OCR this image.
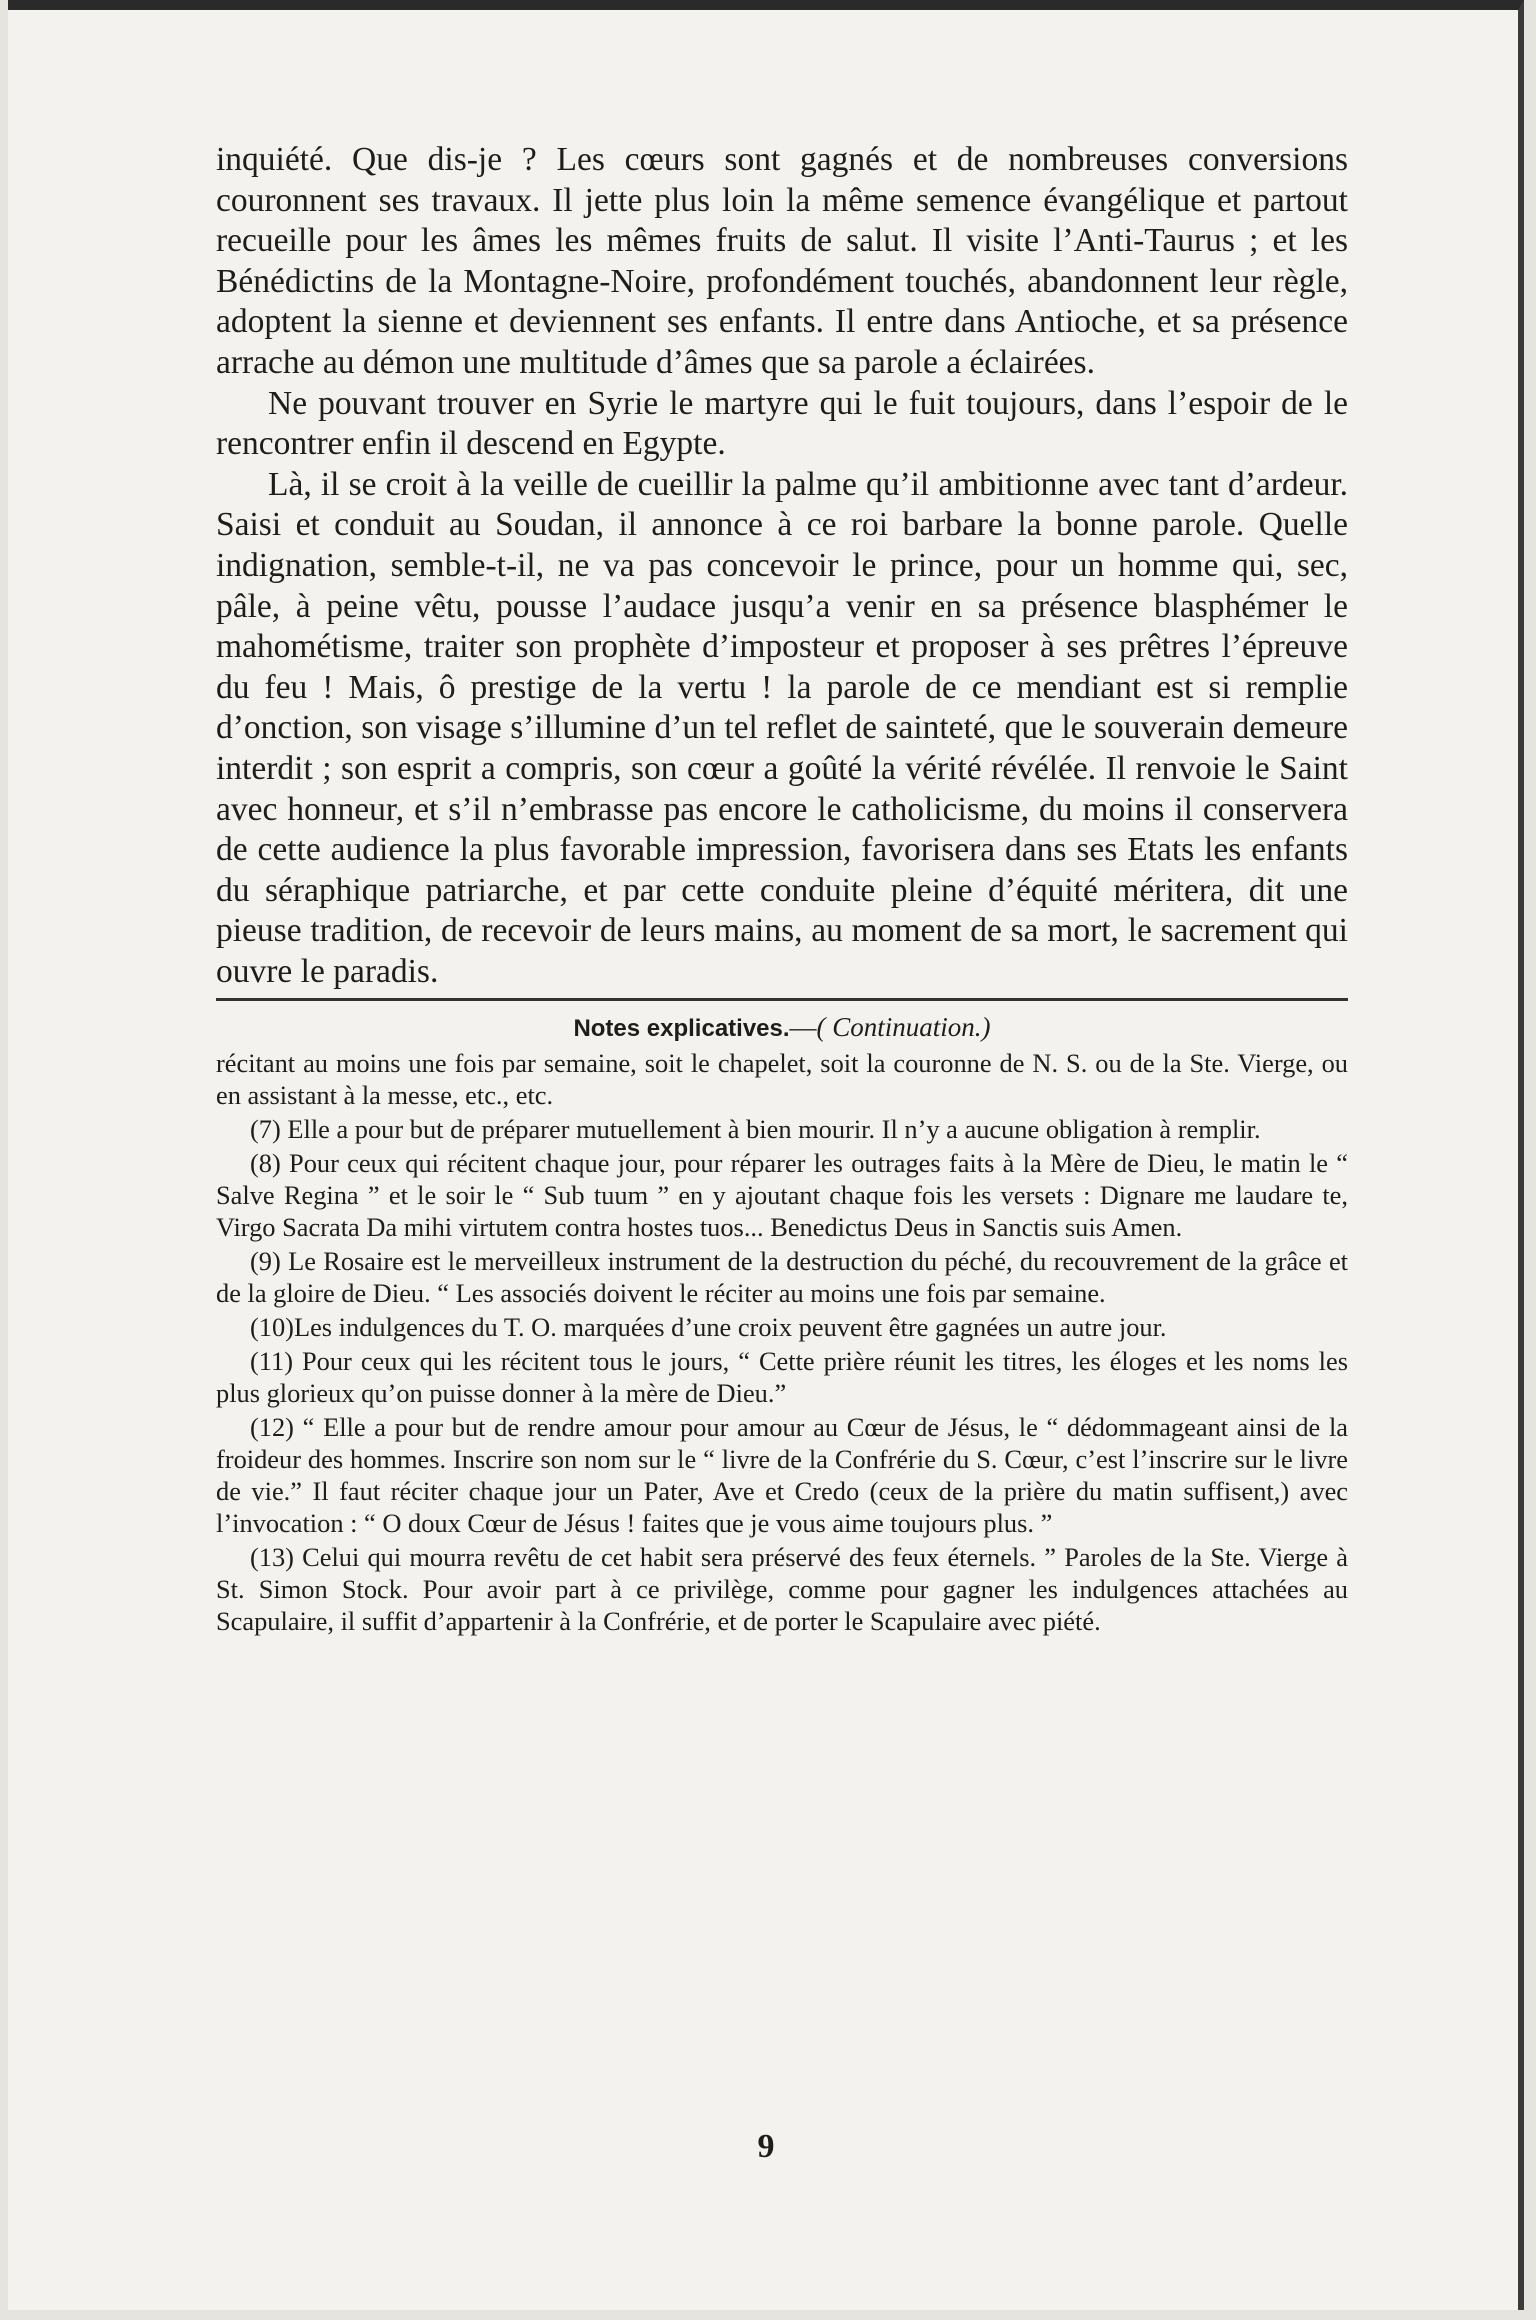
inquiété. Que dis-je ? Les cœurs sont gagnés et de nombreuses conversions couronnent ses travaux. Il jette plus loin la même semence évangélique et partout recueille pour les âmes les mêmes fruits de salut. Il visite l’Anti-Taurus ; et les Bénédictins de la Montagne-Noire, profondément touchés, abandonnent leur règle, adoptent la sienne et deviennent ses enfants. Il entre dans Antioche, et sa présence arrache au démon une multitude d’âmes que sa parole a éclairées.

Ne pouvant trouver en Syrie le martyre qui le fuit toujours, dans l’espoir de le rencontrer enfin il descend en Egypte.

Là, il se croit à la veille de cueillir la palme qu’il ambitionne avec tant d’ardeur. Saisi et conduit au Soudan, il annonce à ce roi barbare la bonne parole. Quelle indignation, semble-t-il, ne va pas concevoir le prince, pour un homme qui, sec, pâle, à peine vêtu, pousse l’audace jusqu’a venir en sa présence blasphémer le mahométisme, traiter son prophète d’imposteur et proposer à ses prêtres l’épreuve du feu ! Mais, ô prestige de la vertu ! la parole de ce mendiant est si remplie d’onction, son visage s’illumine d’un tel reflet de sainteté, que le souverain demeure interdit ; son esprit a compris, son cœur a goûté la vérité révélée. Il renvoie le Saint avec honneur, et s’il n’embrasse pas encore le catholicisme, du moins il conservera de cette audience la plus favorable impression, favorisera dans ses Etats les enfants du séraphique patriarche, et par cette conduite pleine d’équité méritera, dit une pieuse tradition, de recevoir de leurs mains, au moment de sa mort, le sacrement qui ouvre le paradis.

Notes explicatives.—( Continuation.)

récitant au moins une fois par semaine, soit le chapelet, soit la couronne de N. S. ou de la Ste. Vierge, ou en assistant à la messe, etc., etc.

(7) Elle a pour but de préparer mutuellement à bien mourir. Il n’y a aucune obligation à remplir.

(8) Pour ceux qui récitent chaque jour, pour réparer les outrages faits à la Mère de Dieu, le matin le “ Salve Regina ” et le soir le “ Sub tuum ” en y ajoutant chaque fois les versets : Dignare me laudare te, Virgo Sacrata Da mihi virtutem contra hostes tuos... Benedictus Deus in Sanctis suis Amen.

(9) Le Rosaire est le merveilleux instrument de la destruction du péché, du recouvrement de la grâce et de la gloire de Dieu. “ Les associés doivent le réciter au moins une fois par semaine.

(10)Les indulgences du T. O. marquées d’une croix peuvent être gagnées un autre jour.

(11) Pour ceux qui les récitent tous le jours, “ Cette prière réunit les titres, les éloges et les noms les plus glorieux qu’on puisse donner à la mère de Dieu.”

(12) “ Elle a pour but de rendre amour pour amour au Cœur de Jésus, le “ dédommageant ainsi de la froideur des hommes. Inscrire son nom sur le “ livre de la Confrérie du S. Cœur, c’est l’inscrire sur le livre de vie.” Il faut réciter chaque jour un Pater, Ave et Credo (ceux de la prière du matin suffisent,) avec l’invocation : “ O doux Cœur de Jésus ! faites que je vous aime toujours plus. ”

(13) Celui qui mourra revêtu de cet habit sera préservé des feux éternels. ” Paroles de la Ste. Vierge à St. Simon Stock. Pour avoir part à ce privilège, comme pour gagner les indulgences attachées au Scapulaire, il suffit d’appartenir à la Confrérie, et de porter le Scapulaire avec piété.

9
